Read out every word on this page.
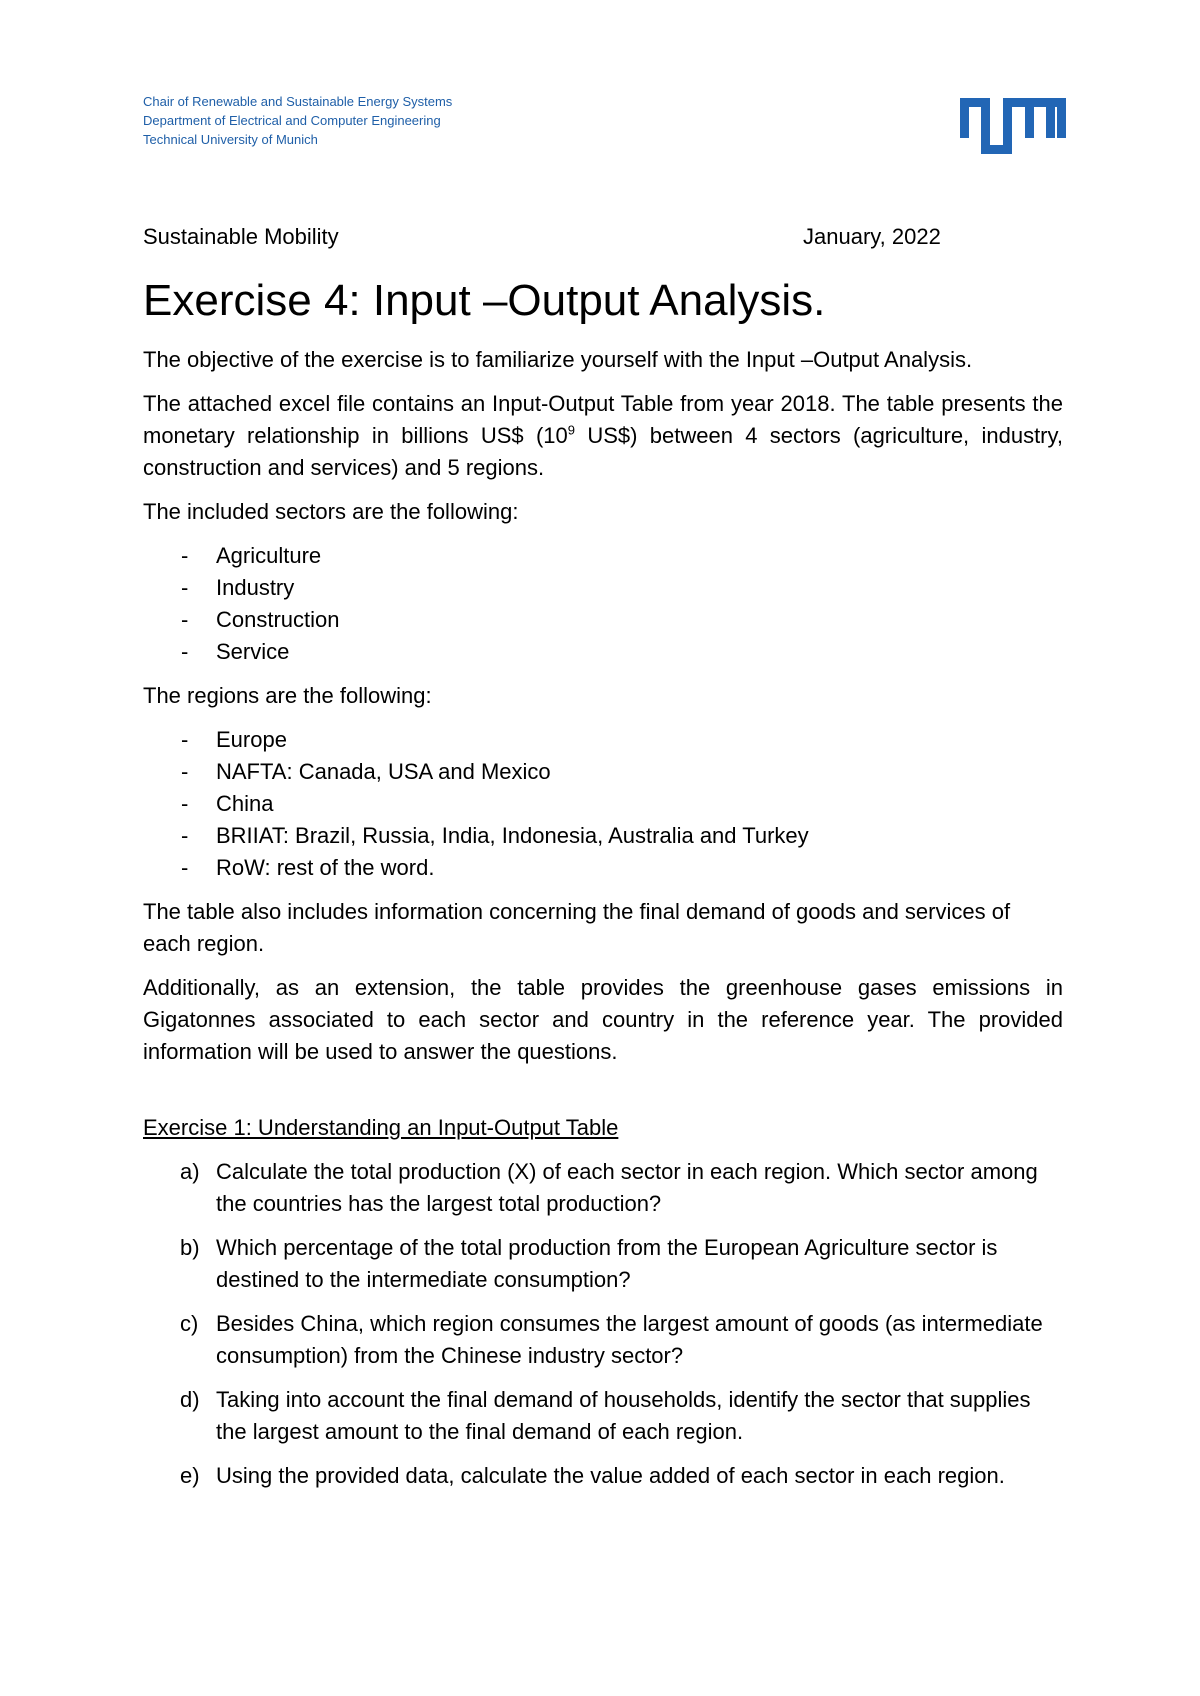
Chair of Renewable and Sustainable Energy Systems
Department of Electrical and Computer Engineering
Technical University of Munich
Sustainable Mobility	January, 2022
Exercise 4: Input –Output Analysis.

The objective of the exercise is to familiarize yourself with the Input –Output Analysis.

The attached excel file contains an Input-Output Table from year 2018. The table presents the monetary relationship in billions US$ ($10^9$ US$) between 4 sectors (agriculture, industry, construction and services) and 5 regions.

The included sectors are the following:

- Agriculture
- Industry
- Construction
- Service

The regions are the following:

- Europe
- NAFTA: Canada, USA and Mexico
- China
- BRIIAT: Brazil, Russia, India, Indonesia, Australia and Turkey
- RoW: rest of the word.

The table also includes information concerning the final demand of goods and services of each region.

Additionally, as an extension, the table provides the greenhouse gases emissions in Gigatonnes associated to each sector and country in the reference year. The provided information will be used to answer the questions.

Exercise 1: Understanding an Input-Output Table

a) Calculate the total production (X) of each sector in each region. Which sector among the countries has the largest total production?
b) Which percentage of the total production from the European Agriculture sector is destined to the intermediate consumption?
c) Besides China, which region consumes the largest amount of goods (as intermediate consumption) from the Chinese industry sector?
d) Taking into account the final demand of households, identify the sector that supplies the largest amount to the final demand of each region.
e) Using the provided data, calculate the value added of each sector in each region.
